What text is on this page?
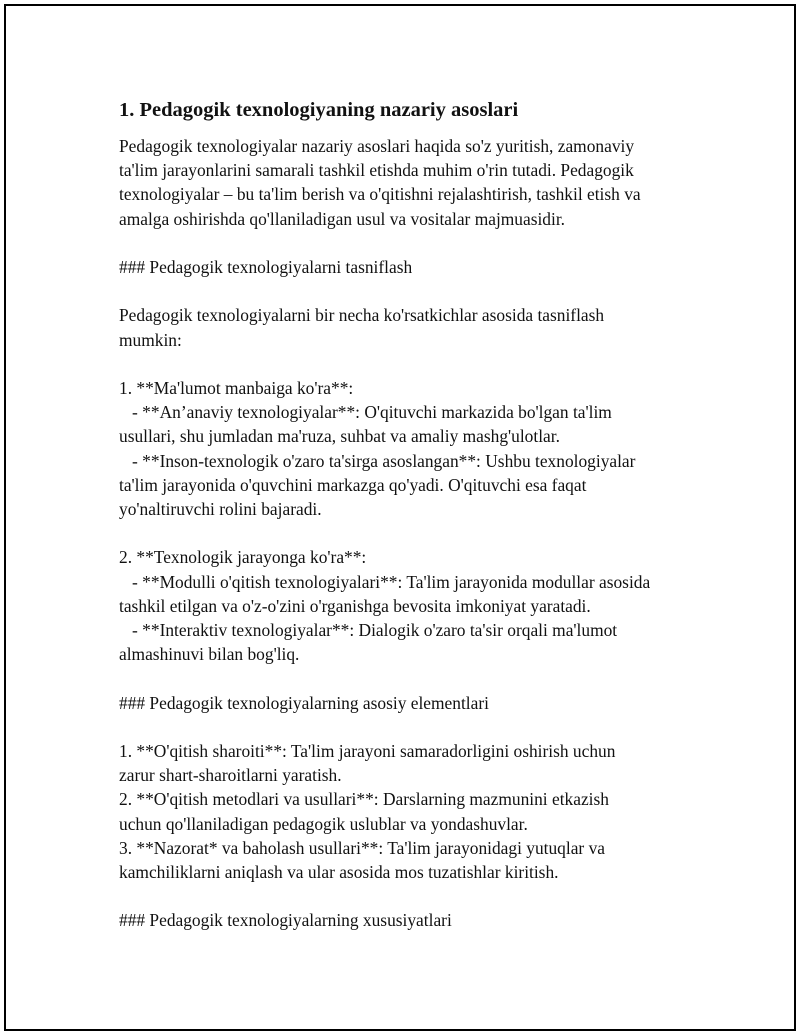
1. Pedagogik texnologiyaning nazariy asoslari
Pedagogik texnologiyalar nazariy asoslari haqida so'z yuritish, zamonaviy
ta'lim jarayonlarini samarali tashkil etishda muhim o'rin tutadi. Pedagogik
texnologiyalar – bu ta'lim berish va o'qitishni rejalashtirish, tashkil etish va
amalga oshirishda qo'llaniladigan usul va vositalar majmuasidir.
### Pedagogik texnologiyalarni tasniflash
Pedagogik texnologiyalarni bir necha ko'rsatkichlar asosida tasniflash
mumkin:
1. **Ma'lumot manbaiga ko'ra**:
- **An’anaviy texnologiyalar**: O'qituvchi markazida bo'lgan ta'lim
usullari, shu jumladan ma'ruza, suhbat va amaliy mashg'ulotlar.
- **Inson-texnologik o'zaro ta'sirga asoslangan**: Ushbu texnologiyalar
ta'lim jarayonida o'quvchini markazga qo'yadi. O'qituvchi esa faqat
yo'naltiruvchi rolini bajaradi.
2. **Texnologik jarayonga ko'ra**:
- **Modulli o'qitish texnologiyalari**: Ta'lim jarayonida modullar asosida
tashkil etilgan va o'z-o'zini o'rganishga bevosita imkoniyat yaratadi.
- **Interaktiv texnologiyalar**: Dialogik o'zaro ta'sir orqali ma'lumot
almashinuvi bilan bog'liq.
### Pedagogik texnologiyalarning asosiy elementlari
1. **O'qitish sharoiti**: Ta'lim jarayoni samaradorligini oshirish uchun
zarur shart-sharoitlarni yaratish.
2. **O'qitish metodlari va usullari**: Darslarning mazmunini etkazish
uchun qo'llaniladigan pedagogik uslublar va yondashuvlar.
3. **Nazorat* va baholash usullari**: Ta'lim jarayonidagi yutuqlar va
kamchiliklarni aniqlash va ular asosida mos tuzatishlar kiritish.
### Pedagogik texnologiyalarning xususiyatlari
